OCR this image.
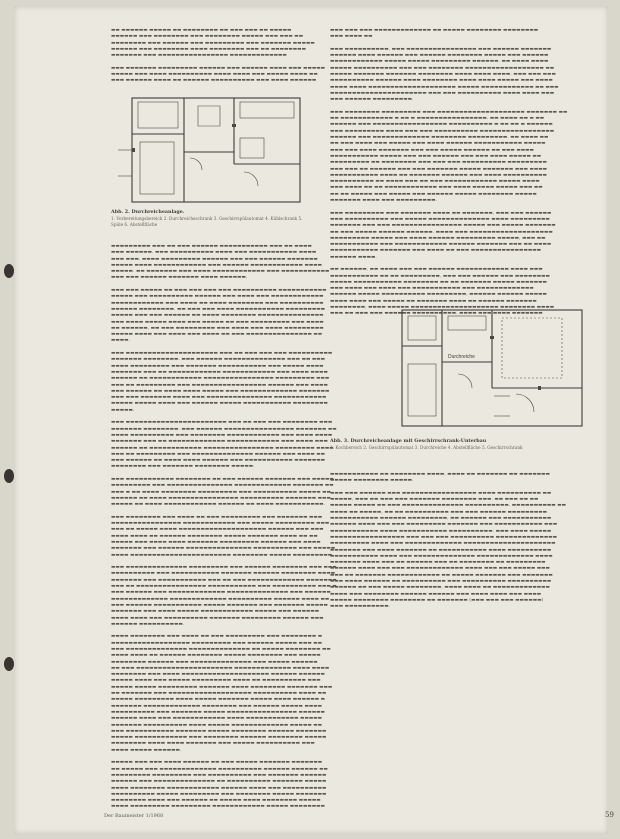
▬▬ ▬▬▬▬▬▬ ▬▬▬▬▬ ▬▬ ▬▬▬▬▬▬▬▬ ▬▬ ▬▬▬ ▬▬▬ ▬▬ ▬▬▬▬▬
▬▬▬▬▬▬ ▬▬▬ ▬▬▬▬▬▬▬▬ ▬▬▬ ▬▬▬▬▬▬▬▬ ▬▬▬▬▬ ▬▬▬ ▬▬▬ ▬▬
▬▬▬▬▬▬▬▬ ▬▬▬ ▬▬▬▬▬▬ ▬▬▬ ▬▬▬▬▬▬▬▬▬ ▬▬▬ ▬▬▬▬▬▬▬ ▬▬▬▬▬
▬▬▬▬▬▬ ▬▬▬ ▬▬▬▬▬▬▬▬ ▬▬▬▬ ▬▬▬▬▬▬▬▬ ▬▬▬ ▬▬ ▬▬▬▬▬▬▬▬
▬▬▬▬▬▬▬ ▬▬▬ ▬▬▬▬▬▬▬▬▬▬▬▬▬▬▬▬ ▬▬▬▬▬▬▬▬▬▬▬▬▬
▬▬▬ ▬▬▬▬▬▬▬ ▬▬▬▬▬▬▬▬▬ ▬▬▬▬▬▬ ▬▬▬ ▬▬▬▬▬▬ ▬▬▬▬ ▬▬▬ ▬▬▬▬▬
▬▬▬▬▬ ▬▬▬ ▬▬▬▬ ▬▬▬▬▬▬▬▬▬▬ ▬▬▬▬ ▬▬▬▬ ▬▬▬ ▬▬▬▬▬ ▬▬▬▬ ▬▬
▬▬▬ ▬▬▬▬▬▬ ▬▬▬▬ ▬▬ ▬▬▬▬▬▬ ▬▬▬▬▬▬▬▬▬▬ ▬▬▬ ▬▬▬▬ ▬▬▬▬▬▬
Abb. 2. Durchreicheanlage.
1. Vorbereitungsbereich 2. Durchreicheschrank 3. Geschirrspülautomat 4. Kühlschrank 5. Spüle 6. Abstellfläche
▬▬▬▬▬▬▬▬▬ ▬▬▬ ▬▬ ▬▬▬ ▬▬▬▬▬▬ ▬▬▬▬▬▬▬▬▬▬▬ ▬▬▬ ▬▬ ▬▬▬▬
▬▬▬ ▬▬▬▬▬▬. ▬▬▬ ▬▬▬▬▬▬▬▬▬▬ ▬▬▬▬ ▬▬▬ ▬▬▬▬▬▬▬▬▬▬▬ ▬▬▬▬
▬▬▬ ▬▬▬, ▬▬▬▬ ▬▬▬▬▬▬▬▬▬ ▬▬▬▬▬▬ ▬▬▬ ▬▬▬ ▬▬▬▬▬▬ ▬▬▬▬▬▬▬
▬▬▬▬▬ ▬▬▬▬ ▬▬▬▬▬▬▬▬▬▬▬▬ ▬▬▬ ▬▬▬▬▬▬ ▬▬▬▬▬▬▬▬▬▬▬▬ ▬▬▬▬
▬▬▬▬▬. ▬▬ ▬▬▬▬▬▬▬ ▬▬▬ ▬▬▬▬ ▬▬▬▬▬▬▬▬▬▬▬▬ ▬▬▬ ▬▬▬▬▬▬▬▬▬▬▬
▬▬▬ ▬▬▬ ▬▬▬▬▬▬ ▬▬▬▬▬▬▬ ▬▬▬▬ ▬▬▬▬▬▬.
▬▬▬ ▬▬▬ ▬▬▬▬▬ ▬▬ ▬▬▬ ▬▬▬ ▬▬▬ ▬▬▬ ▬▬▬▬▬▬▬▬▬▬ ▬▬▬▬▬▬▬▬▬▬▬
▬▬▬▬▬ ▬▬▬ ▬▬▬▬▬▬▬▬▬▬ ▬▬▬▬▬▬ ▬▬▬ ▬▬▬▬ ▬▬▬ ▬▬▬▬▬▬▬▬▬▬▬▬
▬▬▬▬▬▬▬▬▬▬▬▬ ▬▬▬ ▬▬▬▬ ▬▬ ▬▬▬▬ ▬▬▬▬▬▬▬▬ ▬▬▬ ▬▬▬▬▬▬▬▬▬▬
▬▬▬▬▬▬ ▬▬▬▬▬▬▬▬. ▬▬ ▬▬▬ ▬▬▬ ▬▬▬▬ ▬▬▬▬▬▬▬▬▬▬▬ ▬▬▬▬▬▬▬▬▬
▬▬▬▬▬ ▬▬▬ ▬▬▬ ▬▬▬▬▬▬ ▬▬ ▬▬▬▬ ▬▬▬▬▬▬▬▬ ▬▬▬▬▬▬▬▬▬▬▬▬▬▬▬
▬▬▬ ▬▬▬▬ ▬▬▬▬▬ ▬▬▬▬ ▬▬▬ ▬▬▬▬▬ ▬▬ ▬▬▬ ▬▬▬▬▬▬▬▬▬ ▬▬▬ ▬▬▬▬
▬▬ ▬▬▬▬▬▬, ▬▬ ▬▬▬ ▬▬▬▬▬▬▬▬▬ ▬▬▬ ▬▬▬▬ ▬▬▬ ▬▬▬▬ ▬▬▬▬▬▬▬▬▬
▬▬▬▬▬ ▬▬▬▬ ▬▬▬ ▬▬▬▬ ▬▬▬ ▬▬▬▬ ▬▬ ▬▬▬ ▬▬▬▬▬▬▬▬▬▬▬▬▬▬▬ ▬▬
▬▬▬▬.
▬▬▬ ▬▬▬▬▬▬▬▬▬▬▬▬▬▬▬▬▬▬▬▬▬ ▬▬▬ ▬▬ ▬▬▬ ▬▬▬ ▬▬▬ ▬▬▬▬▬▬▬▬▬▬
▬▬▬▬▬▬▬ ▬▬▬▬▬▬▬▬. ▬▬▬ ▬▬▬▬▬▬ ▬▬▬▬▬▬▬▬▬▬▬▬▬▬ ▬▬▬ ▬▬ ▬▬▬
▬▬▬▬ ▬▬▬▬▬▬▬▬▬ ▬▬▬ ▬▬▬▬▬▬▬ ▬▬▬▬▬▬▬▬▬▬▬ ▬▬▬ ▬▬▬▬▬ ▬▬▬▬
▬▬▬▬▬▬▬ ▬▬▬ ▬▬ ▬▬▬▬▬▬▬▬▬▬▬▬ ▬▬▬▬▬▬▬▬▬▬▬▬ ▬▬▬ ▬▬▬▬ ▬▬▬▬
▬▬▬▬▬▬ ▬▬ ▬▬▬▬▬▬▬▬▬▬▬▬ ▬▬▬▬▬▬▬▬▬▬▬▬▬▬▬▬ ▬▬▬▬▬▬▬▬▬ ▬▬▬
▬▬▬ ▬▬ ▬▬▬▬▬▬▬▬▬ ▬▬▬ ▬▬▬▬▬▬▬▬▬▬▬▬▬▬▬▬▬ ▬▬▬▬▬▬ ▬▬▬ ▬▬▬▬
▬▬▬ ▬▬▬▬▬▬ ▬▬ ▬▬▬▬ ▬▬▬▬ ▬▬▬▬▬ ▬▬▬ ▬▬▬▬▬▬▬▬▬▬▬▬▬ ▬▬▬▬▬▬▬
▬▬▬ ▬▬▬ ▬▬▬▬▬▬▬ ▬▬▬▬ ▬▬▬ ▬▬▬▬▬▬▬▬▬▬▬▬▬▬▬ ▬▬▬▬▬▬▬▬▬▬▬▬
▬▬▬▬▬ ▬▬▬▬▬ ▬▬▬▬ ▬▬▬ ▬▬▬▬▬▬ ▬▬▬▬▬ ▬▬▬▬▬▬▬▬▬▬▬ ▬▬▬▬▬▬▬▬
▬▬▬▬▬.
▬▬▬ ▬▬▬▬▬▬▬▬▬▬▬▬▬▬▬▬▬▬▬▬▬▬▬ ▬▬▬ ▬▬ ▬▬▬ ▬▬▬ ▬▬▬▬▬▬▬▬ ▬▬▬
▬▬▬▬▬▬▬ ▬▬▬▬▬▬▬▬. ▬▬▬ ▬▬▬▬▬▬ ▬▬▬▬▬▬▬▬▬▬▬▬▬▬▬▬ ▬▬▬▬▬▬▬ ▬▬
▬▬▬▬ ▬▬▬▬▬▬▬▬▬▬ ▬▬▬ ▬▬▬▬▬▬▬▬ ▬▬▬▬▬▬▬▬▬▬▬▬ ▬▬▬ ▬▬▬▬ ▬▬▬▬
▬▬▬▬▬▬▬ ▬▬▬ ▬▬ ▬▬▬▬▬▬▬▬▬▬▬▬▬ ▬▬▬▬▬▬▬▬▬▬▬▬ ▬▬▬ ▬▬▬▬ ▬▬▬
▬▬▬▬▬▬ ▬▬ ▬▬▬▬▬▬▬▬▬▬▬▬ ▬▬▬▬▬▬▬▬▬▬▬▬▬▬▬▬ ▬▬▬▬▬▬▬▬▬ ▬▬▬▬
▬▬▬ ▬▬ ▬▬▬▬▬▬▬▬▬ ▬▬▬ ▬▬▬▬▬▬▬▬▬▬▬▬▬▬ ▬▬▬▬▬▬ ▬▬▬ ▬▬▬▬ ▬▬
▬▬▬ ▬▬▬▬▬▬ ▬▬ ▬▬▬▬ ▬▬▬▬ ▬▬▬▬▬▬ ▬▬▬ ▬▬▬▬▬▬▬▬▬▬▬ ▬▬▬▬▬▬▬
▬▬▬▬▬▬▬▬ ▬▬▬ ▬▬▬▬▬▬▬ ▬▬▬▬▬▬▬▬ ▬▬▬▬▬.
▬▬▬ ▬▬▬▬▬▬▬▬▬▬▬ ▬▬▬▬▬▬▬▬ ▬▬ ▬▬▬ ▬▬▬▬▬▬ ▬▬▬▬▬▬▬ ▬▬▬ ▬▬▬▬▬
▬▬▬▬▬▬▬▬▬ ▬▬▬ ▬▬▬▬▬▬▬▬▬▬▬▬▬▬▬ ▬▬▬▬▬▬▬▬▬▬▬▬▬ ▬▬▬▬▬▬▬ ▬▬
▬▬▬ ▬ ▬▬ ▬▬▬▬ ▬▬▬▬▬▬▬▬ ▬▬▬▬▬▬▬▬▬ ▬▬▬ ▬▬▬▬▬▬▬▬▬▬ ▬▬▬▬▬ ▬▬
▬▬▬▬▬▬ ▬▬ ▬▬▬▬ ▬▬▬▬▬▬▬▬▬▬▬▬▬▬▬▬ ▬▬▬▬▬▬▬▬▬▬ ▬▬▬▬▬▬▬ ▬▬▬
▬▬▬▬▬ ▬▬ ▬▬▬▬ ▬▬▬▬▬▬▬▬▬▬▬▬ ▬▬▬▬▬▬ ▬▬ ▬▬▬▬ ▬▬▬▬▬▬▬▬▬▬▬.
▬▬▬ ▬▬▬▬▬▬▬▬ ▬▬▬ ▬▬▬▬ ▬▬ ▬▬▬ ▬▬▬▬▬▬▬▬▬ ▬▬▬ ▬▬▬▬▬▬▬ ▬▬▬
▬▬▬▬▬▬▬▬▬▬▬▬▬▬▬▬ ▬▬▬▬▬▬▬▬▬▬▬▬ ▬▬▬ ▬▬▬▬▬ ▬▬▬▬▬▬▬▬▬ ▬▬▬
▬▬▬ ▬▬ ▬▬▬▬▬ ▬▬▬▬ ▬▬▬▬▬▬▬▬▬▬▬▬▬▬▬▬▬▬▬▬ ▬▬▬▬▬▬ ▬▬▬ ▬▬▬
▬▬▬▬ ▬▬▬▬ ▬▬ ▬▬▬▬▬▬ ▬▬▬▬▬▬▬▬ ▬▬▬▬▬ ▬▬▬▬▬▬▬ ▬▬▬▬ ▬▬ ▬▬
▬▬▬▬▬ ▬▬▬ ▬▬▬▬ ▬▬▬▬ ▬▬▬▬▬▬▬ ▬▬▬▬▬▬▬▬▬ ▬▬▬▬▬▬ ▬▬▬ ▬▬▬▬
▬▬▬▬▬▬▬ ▬▬▬ ▬▬▬▬▬▬ ▬▬▬▬▬▬▬▬▬▬▬▬▬▬▬ ▬▬▬▬▬▬▬▬▬▬ ▬▬▬ ▬▬▬▬▬
▬▬▬▬ ▬▬▬▬▬▬▬▬▬▬▬▬▬▬▬▬▬▬▬▬▬▬▬ ▬▬▬▬▬▬▬▬ ▬▬▬▬▬ ▬▬▬▬▬▬▬▬▬.
▬▬▬ ▬▬▬▬▬▬▬▬▬▬▬▬▬▬ ▬▬▬▬▬▬▬▬▬ ▬▬▬ ▬▬▬▬▬▬ ▬▬▬▬▬▬▬▬ ▬▬▬ ▬▬▬
▬▬▬▬▬▬▬▬▬▬ ▬▬▬ ▬▬▬▬▬▬▬▬▬▬▬ ▬▬▬▬▬▬▬ ▬▬▬▬▬▬ ▬▬▬▬▬▬▬▬ ▬▬▬▬
▬▬▬▬▬▬▬ ▬▬▬ ▬▬▬▬▬▬▬▬▬▬▬ ▬▬▬ ▬▬ ▬▬▬ ▬▬▬▬▬▬▬▬▬▬▬▬▬ ▬▬▬▬▬▬▬
▬▬▬ ▬▬ ▬▬▬▬▬▬▬▬▬▬▬▬▬▬▬▬ ▬▬▬▬▬▬▬▬▬▬▬ ▬▬▬ ▬▬▬▬▬▬▬▬▬▬ ▬▬▬ ▬
▬▬▬ ▬▬▬▬▬▬ ▬▬▬ ▬▬▬▬▬▬▬▬▬▬▬▬▬ ▬▬▬▬▬▬▬▬▬▬▬▬▬▬ ▬▬▬ ▬▬▬▬▬▬
▬▬▬▬▬▬▬▬▬▬▬▬▬ ▬▬▬▬▬▬▬▬▬▬▬▬▬ ▬▬▬▬▬▬▬▬▬▬ ▬▬▬▬▬▬ ▬▬▬▬ ▬▬
▬▬▬ ▬▬▬▬▬▬ ▬▬▬▬▬▬▬▬▬▬▬ ▬▬▬▬▬ ▬▬▬▬▬▬▬ ▬▬▬ ▬▬▬▬▬▬▬ ▬▬▬▬▬
▬▬▬▬▬▬▬ ▬▬▬ ▬▬▬▬ ▬▬▬▬▬ ▬▬▬▬▬▬▬▬▬▬▬▬ ▬▬▬▬▬ ▬▬▬ ▬▬▬▬▬▬
▬▬▬▬ ▬▬▬▬ ▬▬▬ ▬▬▬▬▬▬▬▬▬▬ ▬▬▬▬▬▬▬ ▬▬▬▬▬▬▬▬▬ ▬▬▬▬▬▬ ▬▬▬
▬▬▬▬▬▬ ▬▬▬▬▬▬▬▬▬▬.
▬▬▬▬ ▬▬▬▬▬▬▬▬ ▬▬▬ ▬▬▬▬ ▬▬ ▬▬▬ ▬▬▬▬▬▬▬▬▬ ▬▬▬ ▬▬▬▬▬▬▬▬ ▬
▬▬▬▬▬▬▬▬▬▬▬▬▬▬▬▬▬▬ ▬▬▬▬▬▬▬▬▬ ▬▬▬ ▬▬▬▬▬▬ ▬▬▬▬▬ ▬▬▬ ▬▬
▬▬▬ ▬▬▬▬▬▬▬▬▬▬▬▬▬▬ ▬▬▬▬▬▬▬▬▬▬▬▬▬▬ ▬▬ ▬▬▬▬▬ ▬▬▬▬▬▬▬▬ ▬▬
▬▬▬▬ ▬▬▬▬ ▬▬ ▬▬▬▬▬▬ ▬▬▬▬▬▬▬▬ ▬▬▬▬▬ ▬▬▬▬▬▬▬▬ ▬▬▬ ▬▬▬▬▬
▬▬▬▬▬▬▬▬ ▬▬▬▬▬▬ ▬▬▬ ▬▬▬▬▬▬▬▬▬▬▬▬▬▬ ▬▬▬ ▬▬▬▬▬ ▬▬▬▬▬▬
▬▬ ▬▬▬ ▬▬▬▬▬▬▬▬▬▬▬▬▬▬▬▬▬▬▬▬▬▬ ▬▬▬▬▬▬▬▬▬▬▬▬▬ ▬▬▬▬ ▬▬▬▬
▬▬▬▬▬▬▬▬ ▬▬▬ ▬▬▬▬ ▬▬▬▬▬▬▬▬▬▬▬▬▬▬▬▬▬▬▬▬ ▬▬▬▬▬▬ ▬▬▬▬▬▬
▬▬▬▬▬ ▬▬▬▬ ▬▬▬ ▬▬▬▬▬ ▬▬▬▬▬▬▬▬▬ ▬▬▬▬ ▬▬ ▬▬▬▬▬▬▬▬▬▬ ▬▬▬
▬▬▬▬▬ ▬▬▬▬▬ ▬▬▬▬▬▬▬▬▬ ▬▬▬▬▬▬▬ ▬▬▬▬ ▬▬▬▬▬▬▬▬ ▬▬▬▬▬▬▬ ▬▬▬
▬▬ ▬▬▬▬▬▬▬ ▬▬▬ ▬▬▬▬▬▬▬▬▬▬▬▬▬▬▬▬▬▬▬ ▬▬▬▬▬▬▬▬▬▬ ▬▬▬▬ ▬▬
▬▬▬▬▬ ▬▬▬▬▬▬▬▬▬ ▬▬▬▬ ▬▬▬▬▬ ▬▬▬▬▬▬▬ ▬▬▬▬▬ ▬▬▬▬ ▬▬▬▬▬▬ ▬
▬▬▬▬▬▬▬ ▬▬▬▬▬▬▬▬▬▬▬▬▬ ▬▬▬▬▬▬▬▬ ▬▬▬ ▬▬▬▬▬▬ ▬▬▬▬▬ ▬▬▬▬
▬▬▬▬▬▬▬▬▬▬ ▬▬▬ ▬▬▬▬▬▬▬ ▬▬▬▬▬ ▬▬▬▬▬▬▬▬▬▬▬▬▬▬▬▬ ▬▬▬▬▬▬
▬▬▬▬▬▬ ▬▬▬▬ ▬▬▬ ▬▬▬▬▬▬▬▬▬▬▬▬ ▬▬▬▬ ▬▬▬▬▬▬▬▬▬▬▬▬ ▬▬▬▬▬
▬▬▬▬▬▬▬ ▬▬▬▬▬▬▬▬▬▬ ▬▬▬▬ ▬▬▬▬▬ ▬▬▬▬▬▬▬▬▬▬▬▬▬ ▬▬▬▬▬ ▬▬
▬▬▬ ▬▬▬▬▬▬▬▬▬▬▬ ▬▬▬▬▬▬▬ ▬▬▬▬▬ ▬▬▬▬▬▬▬▬ ▬▬▬▬▬▬ ▬▬▬▬▬▬▬
▬▬▬▬▬ ▬▬▬▬▬▬▬▬▬▬▬▬ ▬▬▬ ▬▬▬▬▬▬▬▬ ▬▬▬▬▬▬ ▬▬▬▬▬▬▬▬ ▬▬▬▬▬
▬▬▬▬▬▬▬▬ ▬▬▬▬ ▬▬▬▬ ▬▬▬▬▬▬▬ ▬▬▬ ▬▬▬▬▬ ▬▬▬▬▬▬▬▬▬▬ ▬▬▬
▬▬▬▬ ▬▬▬▬▬ ▬▬▬▬▬▬.
▬▬▬▬▬ ▬▬▬ ▬▬▬ ▬▬▬▬ ▬▬▬▬▬▬ ▬▬ ▬▬▬ ▬▬▬▬▬ ▬▬▬▬▬▬▬ ▬▬▬▬▬▬▬
▬▬ ▬▬▬▬▬ ▬▬▬ ▬▬▬▬▬▬▬▬▬▬▬▬▬ ▬▬▬▬▬▬▬▬▬▬ ▬▬▬▬▬▬ ▬▬▬▬▬▬ ▬▬
▬▬▬▬▬▬▬▬▬ ▬▬▬▬▬▬▬▬▬ ▬▬▬ ▬▬▬▬▬▬▬▬▬▬ ▬▬▬ ▬▬▬▬▬▬▬ ▬▬▬▬▬▬
▬▬▬▬▬▬ ▬▬▬ ▬▬▬▬▬▬▬▬▬▬▬▬▬▬ ▬▬ ▬▬▬▬▬▬▬▬▬▬ ▬▬▬▬▬▬▬ ▬▬▬▬▬
▬▬▬▬ ▬▬▬▬▬▬▬▬ ▬▬▬▬▬▬▬▬▬▬▬▬ ▬▬▬▬▬▬ ▬▬▬▬ ▬▬▬ ▬▬▬▬▬▬▬▬▬▬
▬▬▬▬▬▬▬▬▬▬ ▬▬▬▬▬ ▬▬▬▬▬▬▬▬▬ ▬▬▬ ▬▬▬▬▬▬▬▬ ▬▬▬▬▬ ▬▬▬▬▬▬▬
▬▬▬▬▬▬▬▬ ▬▬▬▬ ▬▬▬ ▬▬▬▬▬▬ ▬▬ ▬▬▬▬▬ ▬▬▬▬ ▬▬▬▬▬▬▬▬ ▬▬▬▬▬
▬▬▬▬ ▬▬▬▬▬▬▬▬▬ ▬▬▬▬▬▬▬▬▬ ▬▬▬▬▬▬▬▬▬▬▬▬ ▬▬▬▬▬ ▬▬▬▬▬▬▬▬
▬▬▬ ▬▬▬ ▬▬▬ ▬▬▬▬▬▬▬▬▬▬▬▬▬ ▬▬ ▬▬▬▬▬ ▬▬▬▬▬▬▬▬ ▬▬▬▬▬▬▬▬
▬▬▬ ▬▬▬▬ ▬▬
▬▬▬ ▬▬▬▬▬▬▬▬▬▬, ▬▬▬ ▬▬▬▬▬▬▬▬▬▬▬▬▬▬▬▬ ▬▬▬ ▬▬▬▬▬▬ ▬▬▬▬▬▬▬
▬▬▬▬▬▬ ▬▬▬▬ ▬▬▬▬▬▬ ▬▬▬ ▬▬▬▬▬▬ ▬▬▬▬▬▬▬▬ ▬▬▬▬▬ ▬▬▬ ▬▬▬▬▬▬
▬▬▬▬▬▬▬▬▬▬▬▬ ▬▬▬▬▬ ▬▬▬▬▬ ▬▬▬▬▬▬▬▬▬ ▬▬▬▬▬▬. ▬▬ ▬▬▬▬ ▬▬▬▬
▬▬▬▬▬ ▬▬▬▬▬▬▬▬▬▬ ▬▬▬ ▬▬▬ ▬▬▬▬▬▬▬▬ ▬▬▬▬▬▬▬▬▬▬▬▬▬▬▬▬▬▬ ▬▬
▬▬▬▬▬ ▬▬▬▬▬▬▬ ▬▬▬▬▬▬▬ ▬▬▬▬▬▬▬▬ ▬▬▬▬ ▬▬▬▬ ▬▬▬▬. ▬▬▬ ▬▬▬ ▬▬▬
▬▬▬▬▬▬▬▬▬▬ ▬▬▬▬▬▬ ▬▬▬▬ ▬▬▬▬▬▬▬▬ ▬▬▬▬ ▬▬▬▬ ▬▬▬▬▬ ▬▬▬ ▬▬▬▬
▬▬▬▬ ▬▬▬▬ ▬▬▬▬▬▬▬▬▬▬▬▬▬▬▬▬▬▬▬▬ ▬▬▬▬▬ ▬▬▬▬▬▬▬▬▬▬▬▬ ▬▬ ▬▬▬
▬▬▬▬▬▬▬▬▬▬▬▬▬▬▬▬▬▬▬▬▬▬ ▬▬▬ ▬▬▬ ▬▬▬▬▬▬▬▬▬▬ ▬▬▬▬ ▬▬▬▬ ▬▬▬
▬▬▬ ▬▬▬▬▬▬ ▬▬▬▬▬▬▬▬▬.
▬▬▬ ▬▬▬▬▬▬▬▬ ▬▬▬▬▬▬▬▬▬ ▬▬▬ ▬▬▬▬▬▬▬▬▬▬▬▬▬▬▬▬▬▬▬▬ ▬▬▬▬▬▬▬ ▬▬
▬▬ ▬▬▬▬▬▬▬▬▬▬▬▬ ▬ ▬▬ ▬ ▬▬▬▬▬▬▬▬▬▬▬▬▬▬▬▬. ▬▬ ▬▬▬▬ ▬▬ ▬ ▬▬
▬▬▬▬▬▬ ▬▬▬ ▬▬▬▬▬▬▬▬▬▬▬▬▬▬▬▬▬ ▬▬▬▬▬▬▬▬▬▬ ▬ ▬▬ ▬▬ ▬ ▬▬▬▬▬▬
▬▬▬ ▬▬▬▬▬▬▬▬▬ ▬▬▬▬ ▬▬▬ ▬▬▬ ▬▬▬▬▬▬▬▬▬▬ ▬▬▬▬▬▬▬▬▬▬▬▬▬▬▬▬▬
▬▬▬▬▬▬ ▬▬▬ ▬▬▬▬▬▬▬▬▬▬▬▬▬ ▬▬▬▬▬▬▬▬ ▬▬▬▬▬▬▬▬▬. ▬▬ ▬▬▬▬ ▬▬
▬▬ ▬▬▬ ▬▬▬▬ ▬▬▬ ▬▬▬▬▬ ▬▬▬ ▬▬▬▬ ▬▬▬▬▬▬ ▬▬▬▬▬▬▬▬▬▬▬ ▬▬▬▬▬
▬▬▬ ▬▬▬ ▬▬▬▬ ▬▬▬▬▬▬▬ ▬▬▬ ▬▬▬ ▬▬▬▬▬ ▬▬▬▬▬▬ ▬▬ ▬▬▬ ▬▬▬▬
▬▬▬▬▬▬▬▬▬▬▬ ▬▬▬▬▬ ▬▬▬ ▬▬▬ ▬▬▬▬▬▬ ▬▬▬ ▬▬▬ ▬▬▬▬ ▬▬▬▬▬ ▬▬
▬▬▬▬▬▬▬▬▬ ▬▬ ▬▬▬▬▬▬▬▬ ▬▬▬ ▬▬▬ ▬▬▬ ▬▬▬▬▬▬▬▬▬▬ ▬▬▬▬▬▬▬▬▬
▬▬▬ ▬▬▬ ▬▬ ▬▬▬▬▬▬ ▬▬▬ ▬▬▬ ▬▬▬▬▬▬▬ ▬▬▬▬▬ ▬▬▬▬▬▬▬ ▬▬▬ ▬▬▬▬
▬▬▬▬▬▬▬▬▬▬▬ ▬▬▬▬ ▬▬ ▬▬▬▬▬▬▬ ▬▬▬▬▬▬ ▬▬▬ ▬▬▬▬ ▬▬▬▬▬▬▬▬▬▬
▬▬▬▬▬▬▬▬▬▬ ▬▬ ▬▬▬▬ ▬▬▬ ▬▬ ▬▬▬ ▬▬▬▬▬▬▬▬▬▬▬▬ ▬▬▬▬▬ ▬▬▬▬
▬▬▬ ▬▬▬▬ ▬▬ ▬▬ ▬▬▬▬▬▬▬▬▬▬▬▬ ▬▬▬ ▬▬▬▬ ▬▬▬▬▬ ▬▬▬▬▬ ▬▬▬ ▬▬
▬▬ ▬▬ ▬▬▬▬▬ ▬▬▬ ▬▬▬▬▬ ▬▬▬ ▬▬▬▬▬▬ ▬▬▬▬▬ ▬▬▬▬▬▬▬▬ ▬▬▬▬▬
▬▬▬▬▬▬▬ ▬▬▬▬ ▬▬▬ ▬▬▬▬▬▬▬▬▬.
▬▬▬ ▬▬▬▬▬▬▬▬▬ ▬▬▬ ▬▬▬▬▬▬▬ ▬▬▬▬ ▬▬ ▬▬▬▬▬▬▬, ▬▬▬ ▬▬▬ ▬▬▬▬▬▬
▬▬▬ ▬▬▬▬▬▬▬▬▬▬ ▬▬▬ ▬▬▬▬▬ ▬▬▬▬▬▬▬▬▬▬▬▬▬▬ ▬▬▬▬ ▬▬▬▬▬▬▬▬▬
▬▬▬▬▬▬▬ ▬▬▬ ▬▬▬ ▬▬▬▬▬▬▬▬▬▬▬▬▬▬▬▬ ▬▬▬▬▬ ▬▬▬ ▬▬▬▬▬ ▬▬▬▬▬▬▬
▬▬ ▬▬▬ ▬▬▬▬▬ ▬▬▬▬▬▬ ▬▬▬▬▬▬. ▬▬▬▬ ▬▬▬ ▬▬▬▬▬▬▬▬▬▬▬▬▬▬▬▬▬▬▬
▬▬▬▬▬▬▬▬▬ ▬▬▬▬▬ ▬▬▬ ▬▬▬▬ ▬▬▬▬▬▬ ▬▬▬▬▬▬▬▬▬ ▬▬▬▬▬, ▬▬▬ ▬▬
▬▬▬▬▬▬▬▬▬▬▬ ▬▬▬ ▬▬▬▬▬▬▬▬▬▬▬▬ ▬▬▬▬▬▬ ▬▬▬▬▬▬▬ ▬▬▬ ▬▬ ▬▬▬▬
▬▬▬▬▬▬▬▬▬▬▬ ▬▬▬▬▬▬▬ ▬▬▬ ▬▬▬▬ ▬▬ ▬▬▬ ▬▬▬▬▬▬▬▬▬▬▬▬▬▬▬▬
▬▬▬▬▬▬ ▬▬▬▬.
▬▬ ▬▬▬▬▬▬, ▬▬ ▬▬▬▬ ▬▬▬ ▬▬▬ ▬▬▬▬▬▬ ▬▬▬▬▬▬▬▬▬▬▬▬ ▬▬▬▬ ▬▬▬
▬▬▬▬▬▬▬▬▬▬▬ ▬▬ ▬▬ ▬▬▬▬▬▬▬▬▬, ▬▬▬ ▬▬▬ ▬▬▬▬▬▬ ▬▬▬ ▬▬▬▬▬▬▬▬
▬▬▬▬▬ ▬▬▬▬▬▬▬▬▬▬▬ ▬▬▬▬▬▬▬▬ ▬▬ ▬▬ ▬▬▬▬▬▬▬ ▬▬▬▬▬ ▬▬▬▬▬▬▬
▬▬▬ ▬▬▬▬ ▬▬▬ ▬▬▬▬ ▬▬▬ ▬▬▬▬▬▬▬▬▬▬▬ ▬▬▬ ▬▬▬▬▬▬▬▬▬▬▬▬▬
▬▬▬▬▬▬ ▬▬▬▬▬ ▬▬▬▬▬▬▬▬▬▬ ▬▬▬▬▬▬▬▬▬, ▬▬▬▬▬▬ ▬▬▬▬▬▬ ▬▬▬▬▬
▬▬▬▬ ▬▬▬▬ ▬▬▬ ▬▬▬▬▬ ▬▬ ▬▬▬▬▬▬▬ ▬▬▬▬ ▬▬ ▬▬▬▬▬▬ ▬▬▬▬▬▬▬
▬▬▬▬▬▬▬▬, ▬▬▬▬ ▬▬▬▬▬ ▬▬▬▬▬▬▬▬▬▬▬▬▬▬▬▬▬▬▬▬ ▬▬▬▬▬▬▬▬ ▬▬▬▬
▬▬▬ ▬▬ ▬▬▬ ▬▬▬ ▬▬▬▬▬▬ ▬▬▬▬▬▬▬▬▬▬. ▬▬▬▬ ▬▬▬ ▬▬▬▬ ▬▬▬▬▬▬▬
Durchreiche
Abb. 3. Durchreicheanlage mit Geschirrschrank-Unterbau
1. Kochbereich 2. Geschirrspülautomat 3. Durchreiche 4. Abstellfläche 5. Geschirrschrank
▬▬▬▬▬▬▬▬▬▬▬ ▬▬ ▬▬▬▬▬▬▬▬ ▬▬▬▬, ▬▬▬▬ ▬▬ ▬▬▬▬▬▬▬ ▬▬ ▬▬▬▬▬▬▬
▬▬▬▬▬ ▬▬▬▬▬▬▬▬ ▬▬▬▬▬.
▬▬▬ ▬▬▬ ▬▬▬▬▬▬ ▬▬▬ ▬▬▬▬▬▬▬▬▬▬▬▬▬▬▬▬▬ ▬▬▬▬ ▬▬▬▬▬▬▬▬▬▬ ▬▬
▬▬▬▬▬, ▬▬▬ ▬▬ ▬▬▬ ▬▬▬ ▬▬▬▬▬▬▬ ▬▬▬▬▬▬▬▬ ▬▬▬. ▬▬ ▬▬▬ ▬▬ ▬▬
▬▬▬▬▬ ▬▬▬▬▬ ▬▬ ▬▬▬ ▬▬▬▬▬▬▬▬▬▬▬▬▬▬ ▬▬▬▬▬▬▬▬▬▬. ▬▬▬▬▬▬▬▬▬▬ ▬▬
▬▬▬▬ ▬▬ ▬▬▬▬▬, ▬▬ ▬▬ ▬▬▬▬▬▬▬▬▬▬ ▬▬▬ ▬▬▬ ▬▬▬▬▬▬ ▬▬▬▬▬▬▬▬▬
▬▬▬▬▬▬▬▬▬▬▬ ▬▬▬▬▬▬ ▬▬▬▬▬▬▬▬▬, ▬▬ ▬▬▬▬▬▬ ▬▬▬ ▬▬▬▬▬▬▬▬▬▬▬
▬▬▬▬▬▬ ▬▬▬▬ ▬▬▬ ▬▬▬ ▬▬▬▬▬▬▬▬▬ ▬▬▬▬▬▬▬ ▬▬▬ ▬▬▬▬▬▬▬▬▬▬▬ ▬▬▬
▬▬▬▬▬▬▬▬▬▬▬ ▬▬▬▬ ▬▬▬▬▬▬▬▬▬▬▬ ▬▬▬▬▬▬▬▬▬▬. ▬▬▬ ▬▬▬▬ ▬▬▬▬▬
▬▬▬▬▬▬▬▬▬▬▬▬▬▬▬▬▬ ▬▬▬ ▬▬▬ ▬▬▬ ▬▬▬▬▬▬▬▬▬▬ ▬▬▬▬▬▬▬▬▬▬▬▬▬▬
▬▬▬▬▬▬▬▬▬ ▬▬▬▬ ▬▬▬ ▬▬▬▬▬▬▬▬▬▬▬▬▬ ▬▬▬▬▬▬▬▬▬▬▬▬▬▬▬▬▬▬▬▬▬
▬▬▬▬▬▬▬ ▬▬▬ ▬▬▬▬ ▬▬▬▬▬▬▬ ▬▬ ▬▬▬▬▬▬▬▬▬▬▬ ▬▬▬▬ ▬▬▬▬▬▬▬▬▬▬
▬▬▬▬▬▬▬▬▬▬▬ ▬▬▬▬ ▬▬▬ ▬▬▬▬▬▬▬▬▬▬▬▬▬▬ ▬▬▬▬▬▬▬▬▬▬▬▬▬ ▬▬▬▬
▬▬▬▬▬▬▬ ▬▬▬▬ ▬▬▬ ▬▬ ▬▬▬▬▬▬ ▬▬▬ ▬▬ ▬▬▬▬▬▬▬▬ ▬▬ ▬▬▬▬▬▬▬▬▬
▬▬▬▬▬▬ ▬▬▬▬ ▬▬▬ ▬▬▬ ▬▬▬▬▬▬▬▬▬▬▬▬▬ ▬▬▬▬ ▬▬▬ ▬▬▬ ▬▬▬▬▬ ▬▬▬
▬▬▬ ▬▬ ▬▬▬▬▬▬▬ ▬▬▬▬▬▬▬▬▬▬▬▬ ▬▬ ▬▬▬▬▬ ▬▬▬▬▬▬▬ ▬▬▬ ▬▬▬▬▬▬▬
▬▬▬ ▬▬▬▬ ▬▬▬▬▬▬ ▬▬ ▬▬▬▬▬▬▬▬▬▬ ▬▬▬ ▬▬▬▬▬▬▬▬▬▬ ▬▬▬▬▬▬▬▬▬▬
▬▬▬▬▬▬ ▬▬ ▬▬▬ ▬▬▬▬▬ ▬▬▬▬▬▬▬▬, ▬▬▬▬ ▬▬▬▬ ▬▬ ▬▬▬▬▬▬▬▬▬▬▬▬▬
▬▬▬▬ ▬▬▬ ▬▬▬▬▬▬▬▬ ▬▬▬▬▬▬ ▬▬▬▬▬▬ ▬▬▬ ▬▬▬▬ ▬▬▬▬ ▬▬▬ ▬▬▬▬
▬▬▬▬▬ ▬▬▬▬▬▬▬▬ ▬▬▬▬▬▬▬▬ ▬▬ ▬▬▬▬▬▬▬ (▬▬▬ ▬▬▬ ▬▬▬ ▬▬▬▬▬▬)
▬▬▬ ▬▬▬▬▬▬▬▬▬▬.
Der Baumeister 1/1968	59
